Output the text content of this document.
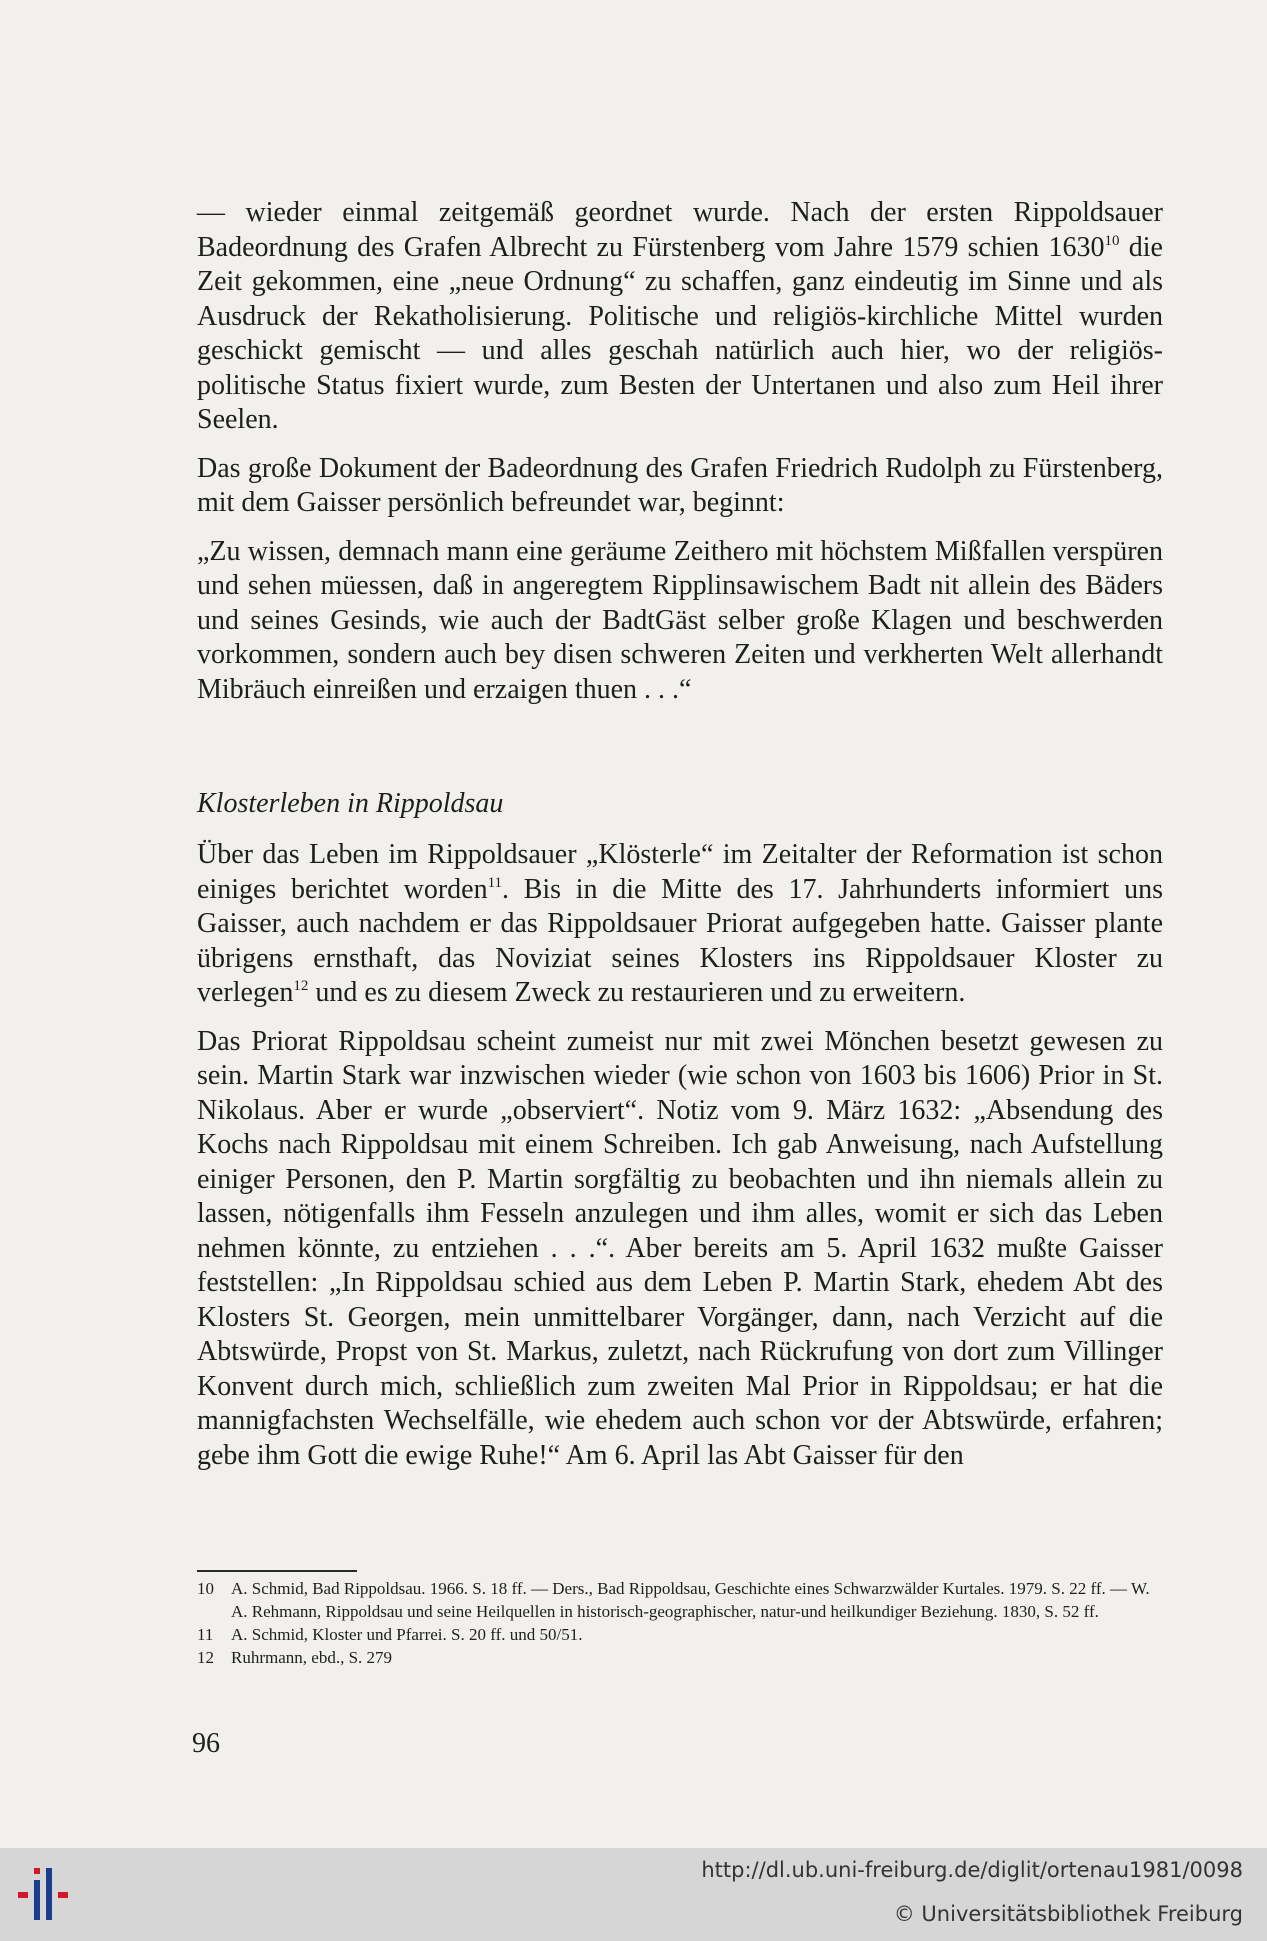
— wieder einmal zeitgemäß geordnet wurde. Nach der ersten Rippoldsauer Badeordnung des Grafen Albrecht zu Fürstenberg vom Jahre 1579 schien 1630$^{10}$ die Zeit gekommen, eine „neue Ordnung“ zu schaffen, ganz eindeutig im Sinne und als Ausdruck der Rekatholisierung. Politische und religiös-kirchliche Mittel wurden geschickt gemischt — und alles geschah natürlich auch hier, wo der religiös-politische Status fixiert wurde, zum Besten der Untertanen und also zum Heil ihrer Seelen.

Das große Dokument der Badeordnung des Grafen Friedrich Rudolph zu Fürstenberg, mit dem Gaisser persönlich befreundet war, beginnt:

„Zu wissen, demnach mann eine geräume Zeithero mit höchstem Mißfallen verspüren und sehen müessen, daß in angeregtem Ripplinsawischem Badt nit allein des Bäders und seines Gesinds, wie auch der BadtGäst selber große Klagen und beschwerden vorkommen, sondern auch bey disen schweren Zeiten und verkherten Welt allerhandt Mibräuch einreißen und erzaigen thuen . . .“

Klosterleben in Rippoldsau

Über das Leben im Rippoldsauer „Klösterle“ im Zeitalter der Reformation ist schon einiges berichtet worden$^{11}$. Bis in die Mitte des 17. Jahrhunderts informiert uns Gaisser, auch nachdem er das Rippoldsauer Priorat aufgegeben hatte. Gaisser plante übrigens ernsthaft, das Noviziat seines Klosters ins Rippoldsauer Kloster zu verlegen$^{12}$ und es zu diesem Zweck zu restaurieren und zu erweitern.

Das Priorat Rippoldsau scheint zumeist nur mit zwei Mönchen besetzt gewesen zu sein. Martin Stark war inzwischen wieder (wie schon von 1603 bis 1606) Prior in St. Nikolaus. Aber er wurde „observiert“. Notiz vom 9. März 1632: „Absendung des Kochs nach Rippoldsau mit einem Schreiben. Ich gab Anweisung, nach Aufstellung einiger Personen, den P. Martin sorgfältig zu beobachten und ihn niemals allein zu lassen, nötigenfalls ihm Fesseln anzulegen und ihm alles, womit er sich das Leben nehmen könnte, zu entziehen . . .“. Aber bereits am 5. April 1632 mußte Gaisser feststellen: „In Rippoldsau schied aus dem Leben P. Martin Stark, ehedem Abt des Klosters St. Georgen, mein unmittelbarer Vorgänger, dann, nach Verzicht auf die Abtswürde, Propst von St. Markus, zuletzt, nach Rückrufung von dort zum Villinger Konvent durch mich, schließlich zum zweiten Mal Prior in Rippoldsau; er hat die mannigfachsten Wechselfälle, wie ehedem auch schon vor der Abtswürde, erfahren; gebe ihm Gott die ewige Ruhe!“ Am 6. April las Abt Gaisser für den

10	A. Schmid, Bad Rippoldsau. 1966. S. 18 ff. — Ders., Bad Rippoldsau, Geschichte eines Schwarzwälder Kurtales. 1979. S. 22 ff. — W. A. Rehmann, Rippoldsau und seine Heilquellen in historisch-geographischer, natur-und heilkundiger Beziehung. 1830, S. 52 ff.
11	A. Schmid, Kloster und Pfarrei. S. 20 ff. und 50/51.
12	Ruhrmann, ebd., S. 279
96
http://dl.ub.uni-freiburg.de/diglit/ortenau1981/0098
© Universitätsbibliothek Freiburg
